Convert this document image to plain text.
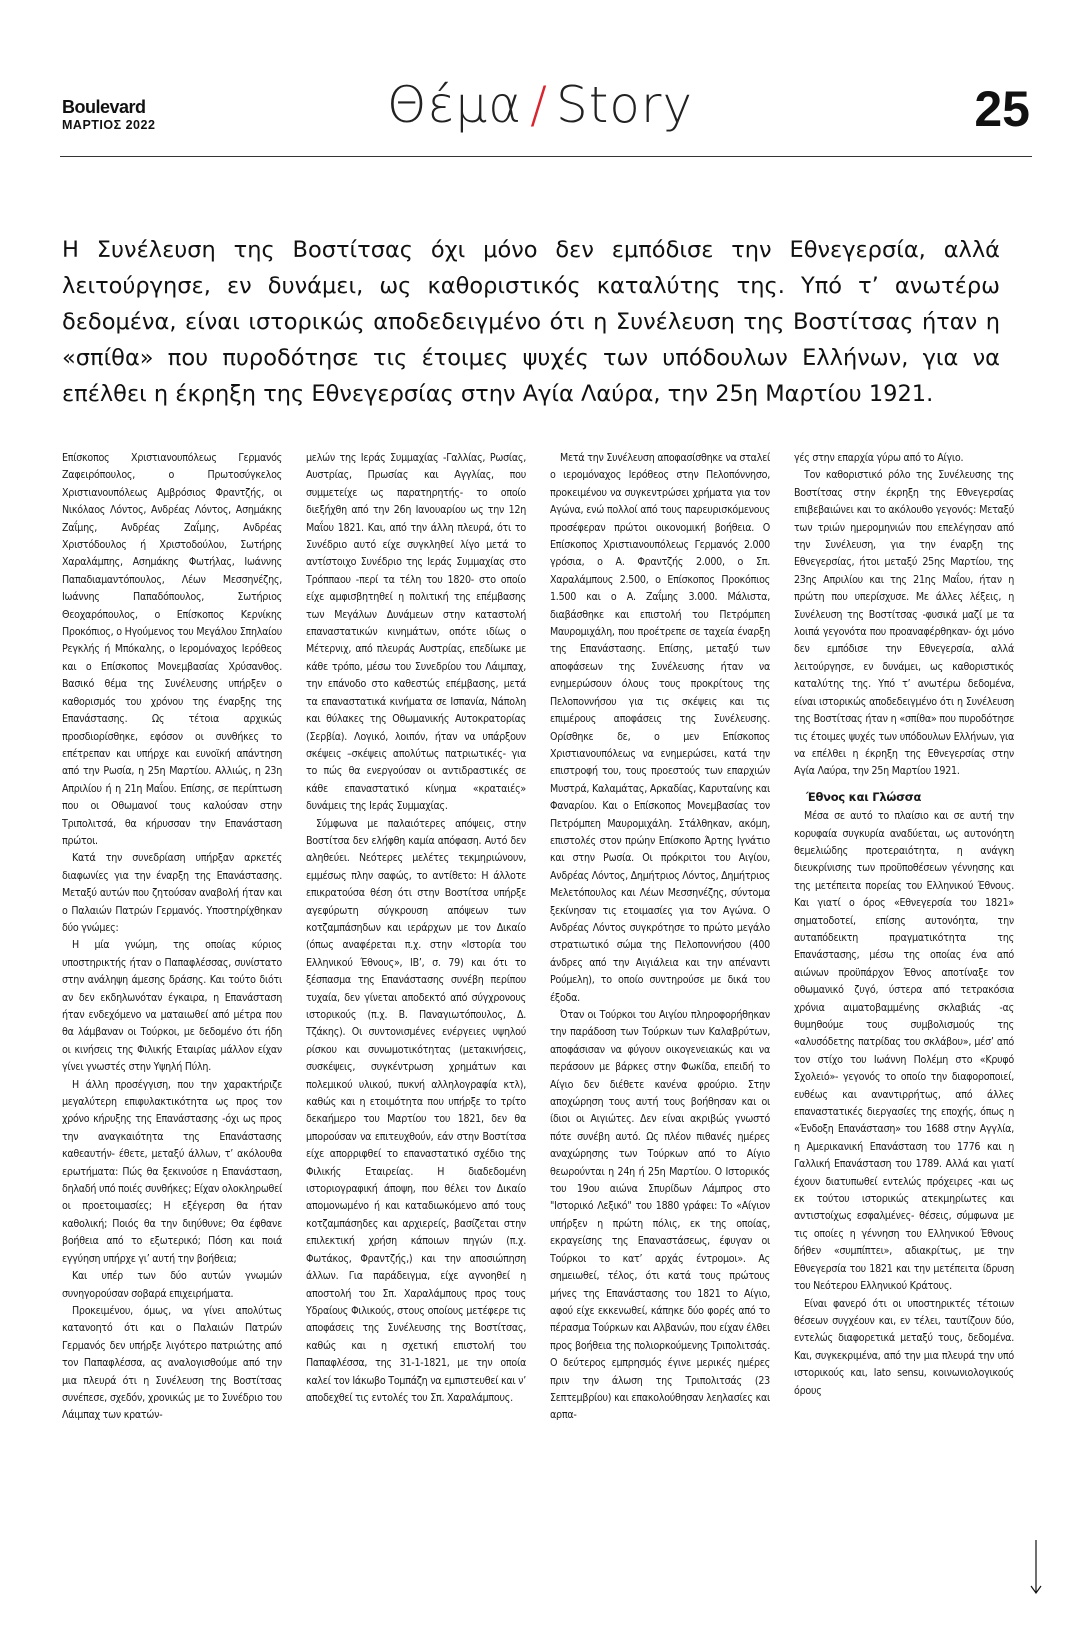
Boulevard
ΜΑΡΤΙΟΣ 2022	Θέμα / Story	25

Η Συνέλευση της Βοστίτσας όχι μόνο δεν εμπόδισε την Εθνεγερσία, αλλά λειτούργησε, εν δυνάμει, ως καθοριστικός καταλύτης της. Υπό τ’ ανωτέρω δεδομένα, είναι ιστορικώς αποδεδειγμένο ότι η Συνέλευση της Βοστίτσας ήταν η «σπίθα» που πυροδότησε τις έτοιμες ψυχές των υπόδουλων Ελλήνων, για να επέλθει η έκρηξη της Εθνεγερσίας στην Αγία Λαύρα, την 25η Μαρτίου 1921.

Επίσκοπος Χριστιανουπόλεως Γερμανός Ζαφειρόπουλος, ο Πρωτοσύγκελος Χριστιανουπόλεως Αμβρόσιος Φραντζής, οι Νικόλαος Λόντος, Ανδρέας Λόντος, Ασημάκης Ζαΐμης, Ανδρέας Ζαΐμης, Ανδρέας Χριστόδουλος ή Χριστοδούλου, Σωτήρης Χαραλάμπης, Ασημάκης Φωτήλας, Ιωάννης Παπαδιαμαντόπουλος, Λέων Μεσσηνέζης, Ιωάννης Παπαδόπουλος, Σωτήριος Θεοχαρόπουλος, ο Επίσκοπος Κερνίκης Προκόπιος, ο Ηγούμενος του Μεγάλου Σπηλαίου Ρεγκλής ή Μπόκαλης, ο Ιερομόναχος Ιερόθεος και ο Επίσκοπος Μονεμβασίας Χρύσανθος. Βασικό θέμα της Συνέλευσης υπήρξεν ο καθορισμός του χρόνου της έναρξης της Επανάστασης. Ως τέτοια αρχικώς προσδιορίσθηκε, εφόσον οι συνθήκες το επέτρεπαν και υπήρχε και ευνοϊκή απάντηση από την Ρωσία, η 25η Μαρτίου. Αλλιώς, η 23η Απριλίου ή η 21η Μαΐου. Επίσης, σε περίπτωση που οι Οθωμανοί τους καλούσαν στην Τριπολιτσά, θα κήρυσσαν την Επανάσταση πρώτοι.

Κατά την συνεδρίαση υπήρξαν αρκετές διαφωνίες για την έναρξη της Επανάστασης. Μεταξύ αυτών που ζητούσαν αναβολή ήταν και ο Παλαιών Πατρών Γερμανός. Υποστηρίχθηκαν δύο γνώμες:

Η μία γνώμη, της οποίας κύριος υποστηρικτής ήταν ο Παπαφλέσσας, συνίστατο στην ανάληψη άμεσης δράσης. Και τούτο διότι αν δεν εκδηλωνόταν έγκαιρα, η Επανάσταση ήταν ενδεχόμενο να ματαιωθεί από μέτρα που θα λάμβαναν οι Τούρκοι, με δεδομένο ότι ήδη οι κινήσεις της Φιλικής Εταιρίας μάλλον είχαν γίνει γνωστές στην Υψηλή Πύλη.

Η άλλη προσέγγιση, που την χαρακτήριζε μεγαλύτερη επιφυλακτικότητα ως προς τον χρόνο κήρυξης της Επανάστασης -όχι ως προς την αναγκαιότητα της Επανάστασης καθεαυτήν- έθετε, μεταξύ άλλων, τ’ ακόλουθα ερωτήματα: Πώς θα ξεκινούσε η Επανάσταση, δηλαδή υπό ποιές συνθήκες; Είχαν ολοκληρωθεί οι προετοιμασίες; Η εξέγερση θα ήταν καθολική; Ποιός θα την διηύθυνε; Θα έφθανε βοήθεια από το εξωτερικό; Πόση και ποιά εγγύηση υπήρχε γι’ αυτή την βοήθεια;

Και υπέρ των δύο αυτών γνωμών συνηγορούσαν σοβαρά επιχειρήματα.

Προκειμένου, όμως, να γίνει απολύτως κατανοητό ότι και ο Παλαιών Πατρών Γερμανός δεν υπήρξε λιγότερο πατριώτης από τον Παπαφλέσσα, ας αναλογισθούμε από την μια πλευρά ότι η Συνέλευση της Βοστίτσας συνέπεσε, σχεδόν, χρονικώς με το Συνέδριο του Λάιμπαχ των κρατών-

μελών της Ιεράς Συμμαχίας -Γαλλίας, Ρωσίας, Αυστρίας, Πρωσίας και Αγγλίας, που συμμετείχε ως παρατηρητής- το οποίο διεξήχθη από την 26η Ιανουαρίου ως την 12η Μαΐου 1821. Και, από την άλλη πλευρά, ότι το Συνέδριο αυτό είχε συγκληθεί λίγο μετά το αντίστοιχο Συνέδριο της Ιεράς Συμμαχίας στο Τρόππαου -περί τα τέλη του 1820- στο οποίο είχε αμφισβητηθεί η πολιτική της επέμβασης των Μεγάλων Δυνάμεων στην καταστολή επαναστατικών κινημάτων, οπότε ιδίως ο Μέτερνιχ, από πλευράς Αυστρίας, επεδίωκε με κάθε τρόπο, μέσω του Συνεδρίου του Λάιμπαχ, την επάνοδο στο καθεστώς επέμβασης, μετά τα επαναστατικά κινήματα σε Ισπανία, Νάπολη και θύλακες της Οθωμανικής Αυτοκρατορίας (Σερβία). Λογικό, λοιπόν, ήταν να υπάρξουν σκέψεις –σκέψεις απολύτως πατριωτικές- για το πώς θα ενεργούσαν οι αντιδραστικές σε κάθε επαναστατικό κίνημα «κραταιές» δυνάμεις της Ιεράς Συμμαχίας.

Σύμφωνα με παλαιότερες απόψεις, στην Βοστίτσα δεν ελήφθη καμία απόφαση. Αυτό δεν αληθεύει. Νεότερες μελέτες τεκμηριώνουν, εμμέσως πλην σαφώς, το αντίθετο: Η άλλοτε επικρατούσα θέση ότι στην Βοστίτσα υπήρξε αγεφύρωτη σύγκρουση απόψεων των κοτζαμπάσηδων και ιεράρχων με τον Δικαίο (όπως αναφέρεται π.χ. στην «Ιστορία του Ελληνικού Έθνους», ΙΒ’, σ. 79) και ότι το ξέσπασμα της Επανάστασης συνέβη περίπου τυχαία, δεν γίνεται αποδεκτό από σύγχρονους ιστορικούς (π.χ. Β. Παναγιωτόπουλος, Δ. Τζάκης). Οι συντονισμένες ενέργειες υψηλού ρίσκου και συνωμοτικότητας (μετακινήσεις, συσκέψεις, συγκέντρωση χρημάτων και πολεμικού υλικού, πυκνή αλληλογραφία κτλ), καθώς και η ετοιμότητα που υπήρξε το τρίτο δεκαήμερο του Μαρτίου του 1821, δεν θα μπορούσαν να επιτευχθούν, εάν στην Βοστίτσα είχε απορριφθεί το επαναστατικό σχέδιο της Φιλικής Εταιρείας. Η διαδεδομένη ιστοριογραφική άποψη, που θέλει τον Δικαίο απομονωμένο ή και καταδιωκόμενο από τους κοτζαμπάσηδες και αρχιερείς, βασίζεται στην επιλεκτική χρήση κάποιων πηγών (π.χ. Φωτάκος, Φραντζής,) και την αποσιώπηση άλλων. Για παράδειγμα, είχε αγνοηθεί η αποστολή του Σπ. Χαραλάμπους προς τους Υδραίους Φιλικούς, στους οποίους μετέφερε τις αποφάσεις της Συνέλευσης της Βοστίτσας, καθώς και η σχετική επιστολή του Παπαφλέσσα, της 31-1-1821, με την οποία καλεί τον Ιάκωβο Τομπάζη να εμπιστευθεί και ν’ αποδεχθεί τις εντολές του Σπ. Χαραλάμπους.

Μετά την Συνέλευση αποφασίσθηκε να σταλεί ο ιερομόναχος Ιερόθεος στην Πελοπόννησο, προκειμένου να συγκεντρώσει χρήματα για τον Αγώνα, ενώ πολλοί από τους παρευρισκόμενους προσέφεραν πρώτοι οικονομική βοήθεια. Ο Επίσκοπος Χριστιανουπόλεως Γερμανός 2.000 γρόσια, ο Α. Φραντζής 2.000, ο Σπ. Χαραλάμπους 2.500, ο Επίσκοπος Προκόπιος 1.500 και ο Α. Ζαΐμης 3.000. Μάλιστα, διαβάσθηκε και επιστολή του Πετρόμπεη Μαυρομιχάλη, που προέτρεπε σε ταχεία έναρξη της Επανάστασης. Επίσης, μεταξύ των αποφάσεων της Συνέλευσης ήταν να ενημερώσουν όλους τους προκρίτους της Πελοποννήσου για τις σκέψεις και τις επιμέρους αποφάσεις της Συνέλευσης. Ορίσθηκε δε, ο μεν Επίσκοπος Χριστιανουπόλεως να ενημερώσει, κατά την επιστροφή του, τους προεστούς των επαρχιών Μυστρά, Καλαμάτας, Αρκαδίας, Καρυταίνης και Φαναρίου. Και ο Επίσκοπος Μονεμβασίας τον Πετρόμπεη Μαυρομιχάλη. Στάλθηκαν, ακόμη, επιστολές στον πρώην Επίσκοπο Άρτης Ιγνάτιο και στην Ρωσία. Οι πρόκριτοι του Αιγίου, Ανδρέας Λόντος, Δημήτριος Λόντος, Δημήτριος Μελετόπουλος και Λέων Μεσσηνέζης, σύντομα ξεκίνησαν τις ετοιμασίες για τον Αγώνα. Ο Ανδρέας Λόντος συγκρότησε το πρώτο μεγάλο στρατιωτικό σώμα της Πελοποννήσου (400 άνδρες από την Αιγιάλεια και την απέναντι Ρούμελη), το οποίο συντηρούσε με δικά του έξοδα.

Όταν οι Τούρκοι του Αιγίου πληροφορήθηκαν την παράδοση των Τούρκων των Καλαβρύτων, αποφάσισαν να φύγουν οικογενειακώς και να περάσουν με βάρκες στην Φωκίδα, επειδή το Αίγιο δεν διέθετε κανένα φρούριο. Στην αποχώρηση τους αυτή τους βοήθησαν και οι ίδιοι οι Αιγιώτες. Δεν είναι ακριβώς γνωστό πότε συνέβη αυτό. Ως πλέον πιθανές ημέρες αναχώρησης των Τούρκων από το Αίγιο θεωρούνται η 24η ή 25η Μαρτίου. Ο Ιστορικός του 19ου αιώνα Σπυρίδων Λάμπρος στο "Ιστορικό Λεξικό" του 1880 γράφει: Το «Αίγιον υπήρξεν η πρώτη πόλις, εκ της οποίας, εκραγείσης της Επαναστάσεως, έφυγαν οι Τούρκοι το κατ’ αρχάς έντρομοι». Ας σημειωθεί, τέλος, ότι κατά τους πρώτους μήνες της Επανάστασης του 1821 το Αίγιο, αφού είχε εκκενωθεί, κάπηκε δύο φορές από το πέρασμα Τούρκων και Αλβανών, που είχαν έλθει προς βοήθεια της πολιορκούμενης Τριπολιτσάς. Ο δεύτερος εμπρησμός έγινε μερικές ημέρες πριν την άλωση της Τριπολιτσάς (23 Σεπτεμβρίου) και επακολούθησαν λεηλασίες και αρπα-

γές στην επαρχία γύρω από το Αίγιο.

Τον καθοριστικό ρόλο της Συνέλευσης της Βοστίτσας στην έκρηξη της Εθνεγερσίας επιβεβαιώνει και το ακόλουθο γεγονός: Μεταξύ των τριών ημερομηνιών που επελέγησαν από την Συνέλευση, για την έναρξη της Εθνεγερσίας, ήτοι μεταξύ 25ης Μαρτίου, της 23ης Απριλίου και της 21ης Μαΐου, ήταν η πρώτη που υπερίσχυσε. Με άλλες λέξεις, η Συνέλευση της Βοστίτσας -φυσικά μαζί με τα λοιπά γεγονότα που προαναφέρθηκαν- όχι μόνο δεν εμπόδισε την Εθνεγερσία, αλλά λειτούργησε, εν δυνάμει, ως καθοριστικός καταλύτης της. Υπό τ’ ανωτέρω δεδομένα, είναι ιστορικώς αποδεδειγμένο ότι η Συνέλευση της Βοστίτσας ήταν η «σπίθα» που πυροδότησε τις έτοιμες ψυχές των υπόδουλων Ελλήνων, για να επέλθει η έκρηξη της Εθνεγερσίας στην Αγία Λαύρα, την 25η Μαρτίου 1921.

Έθνος και Γλώσσα

Μέσα σε αυτό το πλαίσιο και σε αυτή την κορυφαία συγκυρία αναδύεται, ως αυτονόητη θεμελιώδης προτεραιότητα, η ανάγκη διευκρίνισης των προϋποθέσεων γέννησης και της μετέπειτα πορείας του Ελληνικού Έθνους. Και γιατί ο όρος «Εθνεγερσία του 1821» σηματοδοτεί, επίσης αυτονόητα, την αυταπόδεικτη πραγματικότητα της Επανάστασης, μέσω της οποίας ένα από αιώνων προϋπάρχον Έθνος αποτίναξε τον οθωμανικό ζυγό, ύστερα από τετρακόσια χρόνια αιματοβαμμένης σκλαβιάς -ας θυμηθούμε τους συμβολισμούς της «αλυσόδετης πατρίδας του σκλάβου», μέσ’ από τον στίχο του Ιωάννη Πολέμη στο «Κρυφό Σχολειό»- γεγονός το οποίο την διαφοροποιεί, ευθέως και αναντιρρήτως, από άλλες επαναστατικές διεργασίες της εποχής, όπως η «Ένδοξη Επανάσταση» του 1688 στην Αγγλία, η Αμερικανική Επανάσταση του 1776 και η Γαλλική Επανάσταση του 1789. Αλλά και γιατί έχουν διατυπωθεί εντελώς πρόχειρες -και ως εκ τούτου ιστορικώς ατεκμηρίωτες και αντιστοίχως εσφαλμένες- θέσεις, σύμφωνα με τις οποίες η γέννηση του Ελληνικού Έθνους δήθεν «συμπίπτει», αδιακρίτως, με την Εθνεγερσία του 1821 και την μετέπειτα ίδρυση του Νεότερου Ελληνικού Κράτους.

Είναι φανερό ότι οι υποστηρικτές τέτοιων θέσεων συγχέουν και, εν τέλει, ταυτίζουν δύο, εντελώς διαφορετικά μεταξύ τους, δεδομένα. Και, συγκεκριμένα, από την μια πλευρά την υπό ιστορικούς και, lato sensu, κοινωνιολογικούς όρους
